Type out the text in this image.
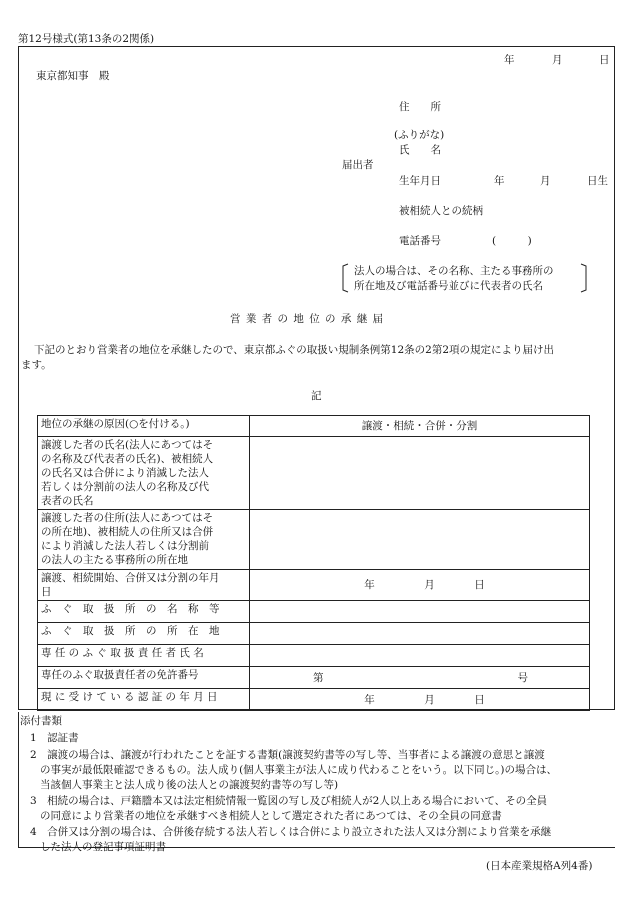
第12号様式(第13条の2関係)
年	月	日
東京都知事　殿
住　　所
(ふりがな)
氏　　名
届出者
生年月日	年	月	日生
被相続人との続柄
電話番号	(　　　)
法人の場合は、その名称、主たる事務所の
所在地及び電話番号並びに代表者の氏名
営 業 者 の 地 位 の 承 継 届
下記のとおり営業者の地位を承継したので、東京都ふぐの取扱い規制条例第12条の2第2項の規定により届け出
ます。
記
地位の承継の原因(○を付ける。)	譲渡・相続・合併・分割

譲渡した者の氏名(法人にあつてはそ
の名称及び代表者の氏名)、被相続人
の氏名又は合併により消滅した法人
若しくは分割前の法人の名称及び代
表者の氏名	

譲渡した者の住所(法人にあつてはそ
の所在地)、被相続人の住所又は合併
により消滅した法人若しくは分割前
の法人の主たる事務所の所在地	

譲渡、相続開始、合併又は分割の年月
日	年 月 日
ふ　ぐ　取　扱　所　の　名　称　等	
ふ　ぐ　取　扱　所　の　所　在　地	
専 任 の ふ ぐ 取 扱 責 任 者 氏 名	
専任のふぐ取扱責任者の免許番号	第 号

現 に 受 け て い る 認 証 の 年 月 日	年 月 日
添付書類
1　認証書
2　譲渡の場合は、譲渡が行われたことを証する書類(譲渡契約書等の写し等、当事者による譲渡の意思と譲渡
の事実が最低限確認できるもの。法人成り(個人事業主が法人に成り代わることをいう。以下同じ。)の場合は、
当該個人事業主と法人成り後の法人との譲渡契約書等の写し等)
3　相続の場合は、戸籍謄本又は法定相続情報一覧図の写し及び相続人が2人以上ある場合において、その全員
の同意により営業者の地位を承継すべき相続人として選定された者にあつては、その全員の同意書
4　合併又は分割の場合は、合併後存続する法人若しくは合併により設立された法人又は分割により営業を承継
した法人の登記事項証明書
(日本産業規格A列4番)
